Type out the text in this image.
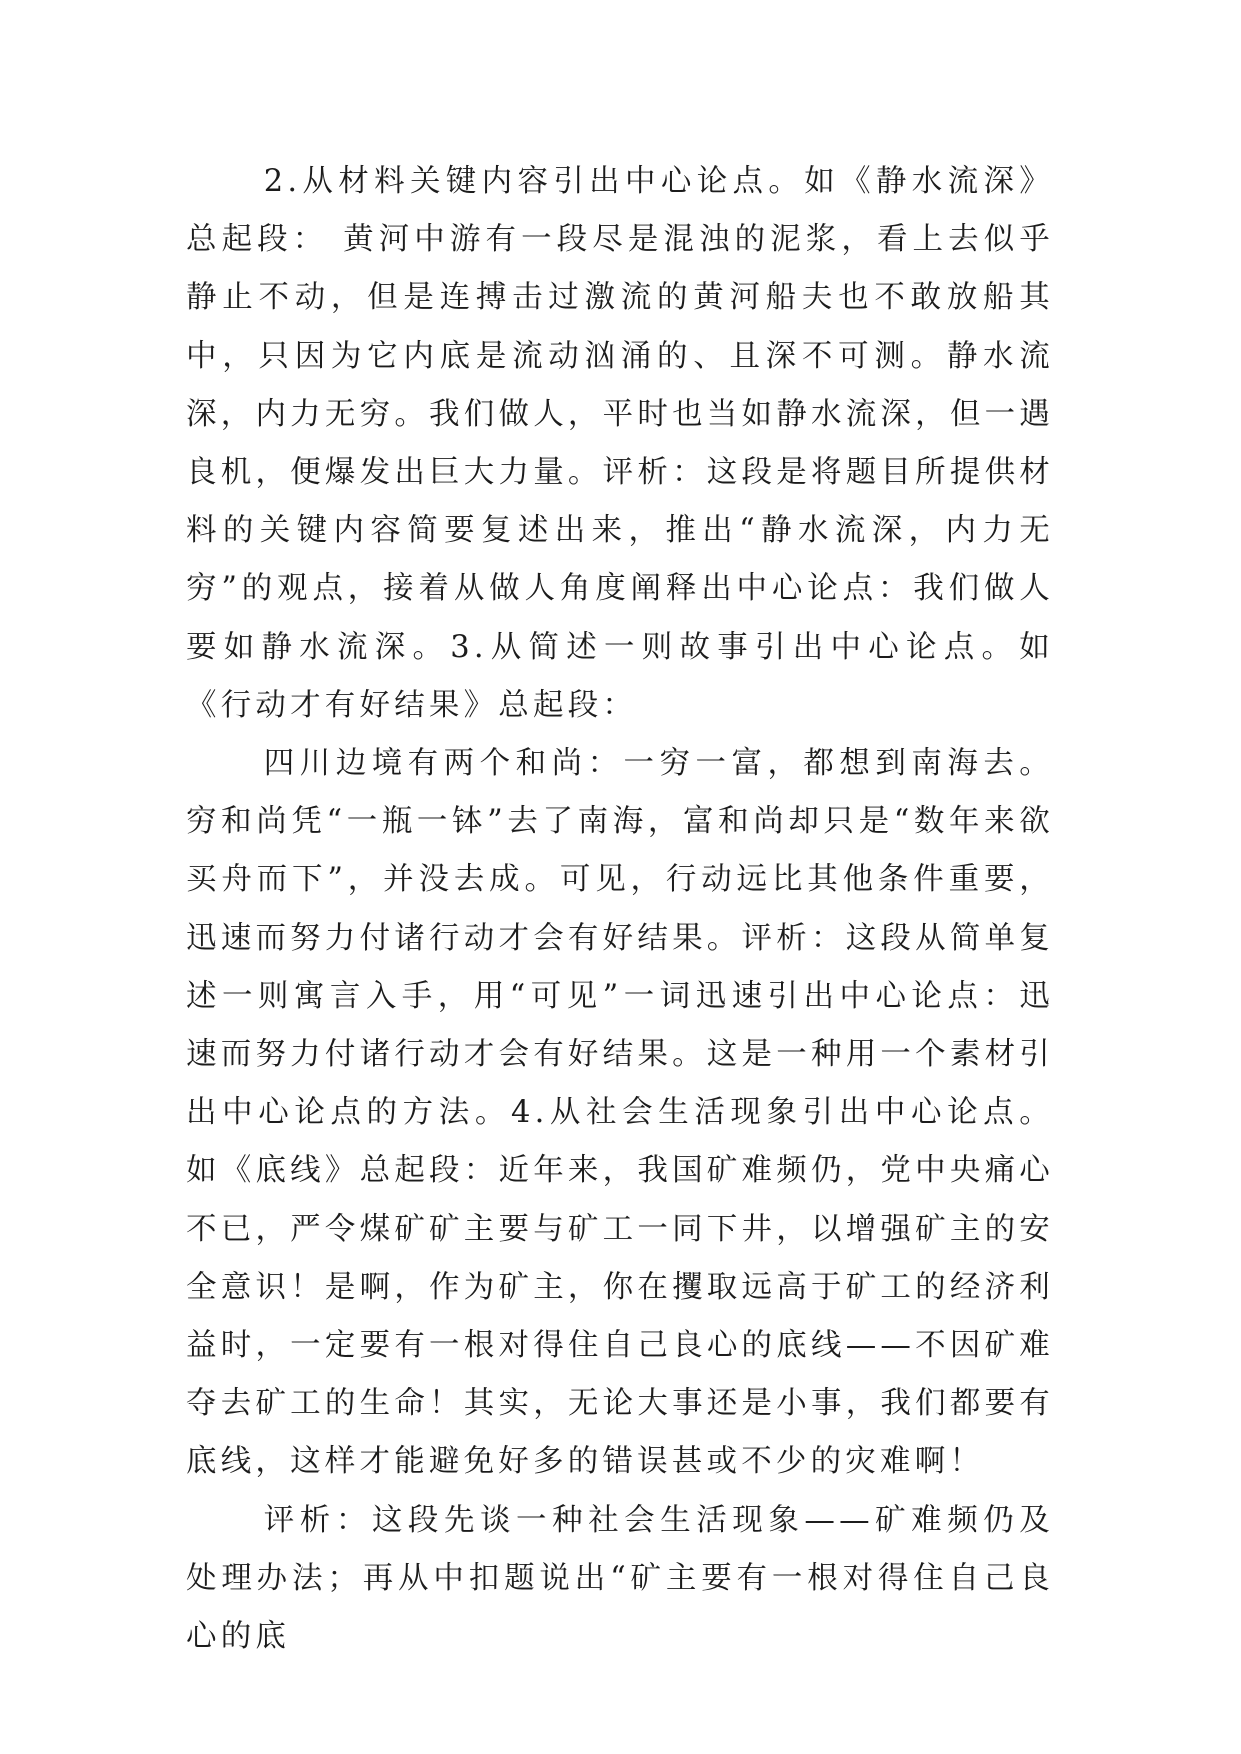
2.从材料关键内容引出中心论点。如《静水流深》总起段： 黄河中游有一段尽是混浊的泥浆，看上去似乎静止不动，但是连搏击过激流的黄河船夫也不敢放船其中，只因为它内底是流动汹涌的、且深不可测。静水流深，内力无穷。我们做人，平时也当如静水流深，但一遇良机，便爆发出巨大力量。评析：这段是将题目所提供材料的关键内容简要复述出来，推出“静水流深，内力无穷”的观点，接着从做人角度阐释出中心论点：我们做人要如静水流深。3.从简述一则故事引出中心论点。如《行动才有好结果》总起段：

四川边境有两个和尚：一穷一富，都想到南海去。穷和尚凭“一瓶一钵”去了南海，富和尚却只是“数年来欲买舟而下”，并没去成。可见，行动远比其他条件重要，迅速而努力付诸行动才会有好结果。评析：这段从简单复述一则寓言入手，用“可见”一词迅速引出中心论点：迅速而努力付诸行动才会有好结果。这是一种用一个素材引出中心论点的方法。4.从社会生活现象引出中心论点。如《底线》总起段：近年来，我国矿难频仍，党中央痛心不已，严令煤矿矿主要与矿工一同下井，以增强矿主的安全意识！是啊，作为矿主，你在攫取远高于矿工的经济利益时，一定要有一根对得住自己良心的底线——不因矿难夺去矿工的生命！其实，无论大事还是小事，我们都要有底线，这样才能避免好多的错误甚或不少的灾难啊！

评析：这段先谈一种社会生活现象——矿难频仍及处理办法；再从中扣题说出“矿主要有一根对得住自己良心的底
